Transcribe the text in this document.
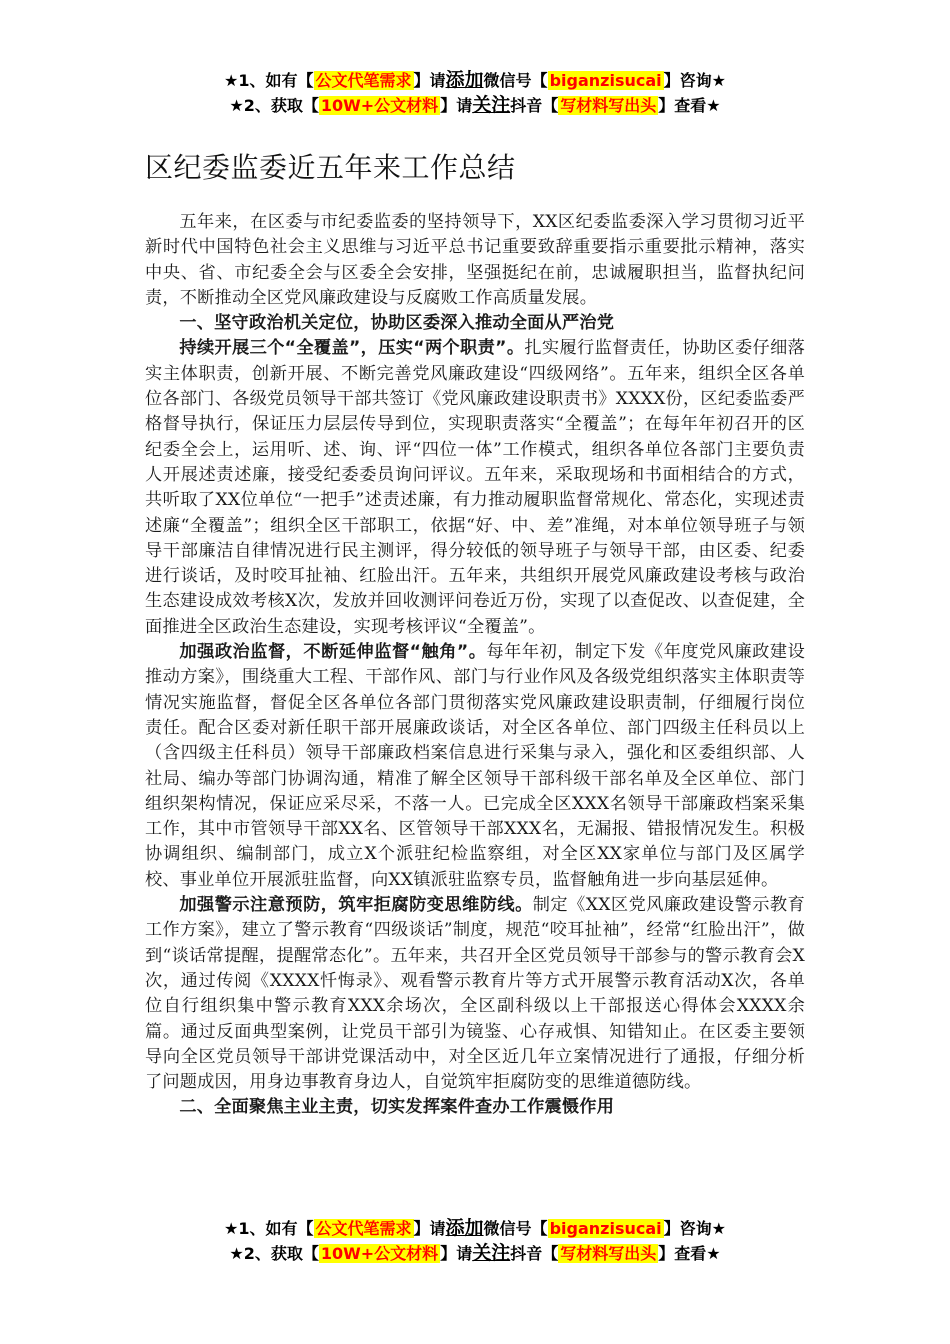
★1、如有【 公文代笔需求 】请添加微信号【 biganzisucai 】咨询★
★2、获取【 10W+公文材料 】请关注抖音【 写材料写出头 】查看★
区纪委监委近五年来工作总结

五年来，在区委与市纪委监委的坚持领导下，XX区纪委监委深入学习贯彻习近平新时代中国特色社会主义思维与习近平总书记重要致辞重要指示重要批示精神，落实中央、省、市纪委全会与区委全会安排，坚强挺纪在前，忠诚履职担当，监督执纪问责，不断推动全区党风廉政建设与反腐败工作高质量发展。

一、坚守政治机关定位，协助区委深入推动全面从严治党

持续开展三个“全覆盖”，压实“两个职责”。扎实履行监督责任，协助区委仔细落实主体职责，创新开展、不断完善党风廉政建设“四级网络”。五年来，组织全区各单位各部门、各级党员领导干部共签订《党风廉政建设职责书》XXXX份，区纪委监委严格督导执行，保证压力层层传导到位，实现职责落实“全覆盖”；在每年年初召开的区纪委全会上，运用听、述、询、评“四位一体”工作模式，组织各单位各部门主要负责人开展述责述廉，接受纪委委员询问评议。五年来，采取现场和书面相结合的方式，共听取了XX位单位“一把手”述责述廉，有力推动履职监督常规化、常态化，实现述责述廉“全覆盖”；组织全区干部职工，依据“好、中、差”准绳，对本单位领导班子与领导干部廉洁自律情况进行民主测评，得分较低的领导班子与领导干部，由区委、纪委进行谈话，及时咬耳扯袖、红脸出汗。五年来，共组织开展党风廉政建设考核与政治生态建设成效考核X次，发放并回收测评问卷近万份，实现了以查促改、以查促建，全面推进全区政治生态建设，实现考核评议“全覆盖”。

加强政治监督，不断延伸监督“触角”。每年年初，制定下发《年度党风廉政建设推动方案》，围绕重大工程、干部作风、部门与行业作风及各级党组织落实主体职责等情况实施监督，督促全区各单位各部门贯彻落实党风廉政建设职责制，仔细履行岗位责任。配合区委对新任职干部开展廉政谈话，对全区各单位、部门四级主任科员以上（含四级主任科员）领导干部廉政档案信息进行采集与录入，强化和区委组织部、人社局、编办等部门协调沟通，精准了解全区领导干部科级干部名单及全区单位、部门组织架构情况，保证应采尽采，不落一人。已完成全区XXX名领导干部廉政档案采集工作，其中市管领导干部XX名、区管领导干部XXX名，无漏报、错报情况发生。积极协调组织、编制部门，成立X个派驻纪检监察组，对全区XX家单位与部门及区属学校、事业单位开展派驻监督，向XX镇派驻监察专员，监督触角进一步向基层延伸。

加强警示注意预防，筑牢拒腐防变思维防线。制定《XX区党风廉政建设警示教育工作方案》，建立了警示教育“四级谈话”制度，规范“咬耳扯袖”，经常“红脸出汗”，做到“谈话常提醒，提醒常态化”。五年来，共召开全区党员领导干部参与的警示教育会X次，通过传阅《XXXX忏悔录》、观看警示教育片等方式开展警示教育活动X次，各单位自行组织集中警示教育XXX余场次，全区副科级以上干部报送心得体会XXXX余篇。通过反面典型案例，让党员干部引为镜鉴、心存戒惧、知错知止。在区委主要领导向全区党员领导干部讲党课活动中，对全区近几年立案情况进行了通报，仔细分析了问题成因，用身边事教育身边人，自觉筑牢拒腐防变的思维道德防线。

二、全面聚焦主业主责，切实发挥案件查办工作震慑作用

★1、如有【 公文代笔需求 】请添加微信号【 biganzisucai 】咨询★
★2、获取【 10W+公文材料 】请关注抖音【 写材料写出头 】查看★
